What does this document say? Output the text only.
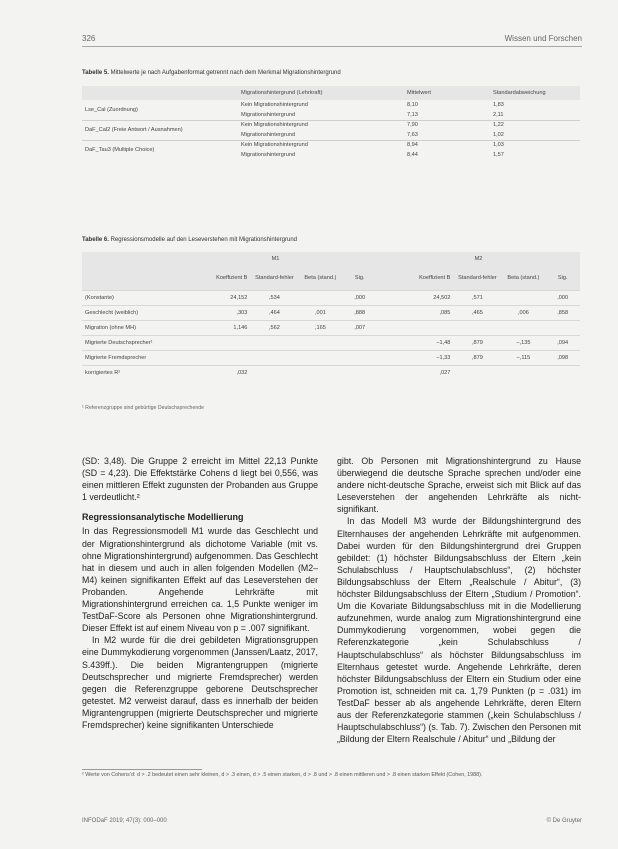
326	Wissen und Forschen
Tabelle 5. Mittelwerte je nach Aufgabenformat getrennt nach dem Merkmal Migrationshintergrund
	Migrationshintergrund (Lehrkraft)	Mittelwert	Standardabweichung
Lse_Cal (Zuordnung)	Kein Migrationshintergrund	8,10	1,83
	Migrationshintergrund	7,13	2,11
DaF_Cal2 (Freie Antwort / Ausnahmen)	Kein Migrationshintergrund	7,90	1,22
	Migrationshintergrund	7,63	1,02
DaF_Tau3 (Multiple Choice)	Kein Migrationshintergrund	8,94	1,03
	Migrationshintergrund	8,44	1,57
Tabelle 6. Regressionsmodelle auf den Leseverstehen mit Migrationshintergrund
	M1				M2			
	Koeffizient B	Standard-fehler	Beta (stand.)	Sig.	Koeffizient B	Standard-fehler	Beta (stand.)	Sig.
(Konstante)	24,152	,534		,000	24,502	,571		,000
Geschlecht (weiblich)	,303	,464	,001	,888	,085	,465	,006	,858
Migration (ohne MH)	1,146	,562	,165	,007				
Migrierte Deutschsprecher¹					−1,48	,879	−,135	,094
Migrierte Fremdsprecher					−1,33	,879	−,115	,098
korrigiertes R²	,032				,027			
¹ Referenzgruppe sind gebürtige Deutschsprechende

(SD: 3,48). Die Gruppe 2 erreicht im Mittel 22,13 Punkte (SD = 4,23). Die Effektstärke Cohens d liegt bei 0,556, was einen mittleren Effekt zugunsten der Probanden aus Gruppe 1 verdeutlicht.²

Regressionsanalytische Modellierung

In das Regressionsmodell M1 wurde das Geschlecht und der Migrationshintergrund als dichotome Variable (mit vs. ohne Migrationshintergrund) aufgenommen. Das Geschlecht hat in diesem und auch in allen folgenden Modellen (M2–M4) keinen signifikanten Effekt auf das Leseverstehen der Probanden. Angehende Lehrkräfte mit Migrationshintergrund erreichen ca. 1,5 Punkte weniger im TestDaF-Score als Personen ohne Migrationshintergrund. Dieser Effekt ist auf einem Niveau von p = .007 signifikant.

In M2 wurde für die drei gebildeten Migrationsgruppen eine Dummykodierung vorgenommen (Janssen/Laatz, 2017, S.439ff.). Die beiden Migrantengruppen (migrierte Deutschsprecher und migrierte Fremdsprecher) werden gegen die Referenzgruppe geborene Deutschsprecher getestet. M2 verweist darauf, dass es innerhalb der beiden Migrantengruppen (migrierte Deutschsprecher und migrierte Fremdsprecher) keine signifikanten Unterschiede

gibt. Ob Personen mit Migrationshintergrund zu Hause überwiegend die deutsche Sprache sprechen und/oder eine andere nicht-deutsche Sprache, erweist sich mit Blick auf das Leseverstehen der angehenden Lehrkräfte als nicht-signifikant.

In das Modell M3 wurde der Bildungshintergrund des Elternhauses der angehenden Lehrkräfte mit aufgenommen. Dabei wurden für den Bildungshintergrund drei Gruppen gebildet: (1) höchster Bildungsabschluss der Eltern „kein Schulabschluss / Hauptschulabschluss“, (2) höchster Bildungsabschluss der Eltern „Realschule / Abitur“, (3) höchster Bildungsabschluss der Eltern „Studium / Promotion“. Um die Kovariate Bildungsabschluss mit in die Modellierung aufzunehmen, wurde analog zum Migrationshintergrund eine Dummykodierung vorgenommen, wobei gegen die Referenzkategorie „kein Schulabschluss / Hauptschulabschluss“ als höchster Bildungsabschluss im Elternhaus getestet wurde. Angehende Lehrkräfte, deren höchster Bildungsabschluss der Eltern ein Studium oder eine Promotion ist, schneiden mit ca. 1,79 Punkten (p = .031) im TestDaF besser ab als angehende Lehrkräfte, deren Eltern aus der Referenzkategorie stammen („kein Schulabschluss / Hauptschulabschluss“) (s. Tab. 7). Zwischen den Personen mit „Bildung der Eltern Realschule / Abitur“ und „Bildung der

² Werte von Cohens’d: d > .2 bedeutet einen sehr kleinen, d > .3 einen, d > .5 einen starken, d > .8 und > .8 einen mittleren und > .8 einen starken Effekt (Cohen, 1988).
INFODaF 2019; 47(3): 000–000	© De Gruyter
